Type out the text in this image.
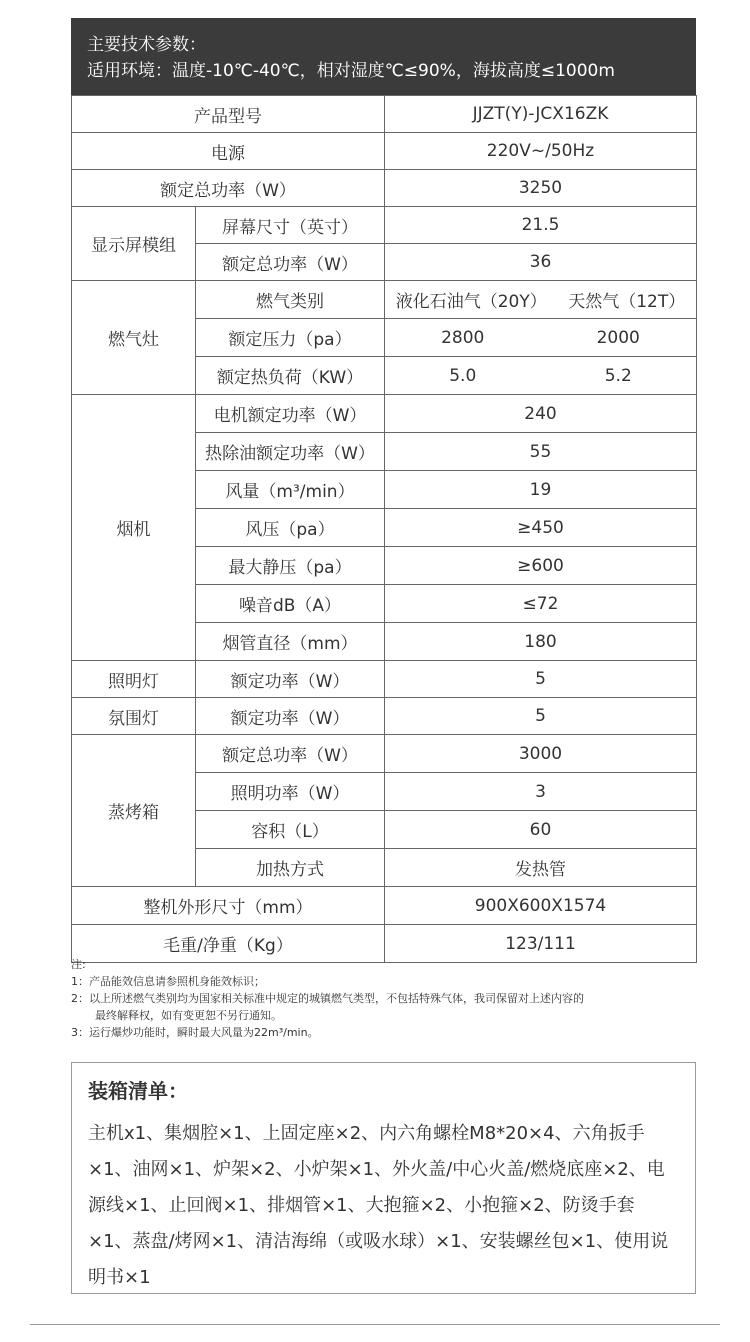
主要技术参数：
适用环境：温度-10℃-40℃，相对湿度℃≤90%，海拔高度≤1000m
产品型号		JJZT(Y)-JCX16ZK
电源		220V~/50Hz
额定总功率（W）		3250
显示屏模组	屏幕尺寸（英寸）	21.5
	额定总功率（W）	36
燃气灶	燃气类别	液化石油气（20Y） 天然气（12T）

	额定压力（pa）	2800 2000

	额定热负荷（KW）	5.0 5.2

烟机	电机额定功率（W）	240
	热除油额定功率（W）	55
	风量（m³/min）	19
	风压（pa）	≥450
	最大静压（pa）	≥600
	噪音dB（A）	≤72
	烟管直径（mm）	180
照明灯	额定功率（W）	5
氛围灯	额定功率（W）	5
蒸烤箱	额定总功率（W）	3000
	照明功率（W）	3
	容积（L）	60
	加热方式	发热管
整机外形尺寸（mm）		900X600X1574
毛重/净重（Kg）		123/111
注:
1：产品能效信息请参照机身能效标识；
2：以上所述燃气类别均为国家相关标准中规定的城镇燃气类型，不包括特殊气体，我司保留对上述内容的
最终解释权，如有变更恕不另行通知。
3：运行爆炒功能时，瞬时最大风量为22m³/min。
装箱清单：
主机x1、集烟腔×1、上固定座×2、内六角螺栓M8*20×4、六角扳手×1、油网×1、炉架×2、小炉架×1、外火盖/中心火盖/燃烧底座×2、电源线×1、止回阀×1、排烟管×1、大抱箍×2、小抱箍×2、防烫手套×1、蒸盘/烤网×1、清洁海绵（或吸水球）×1、安装螺丝包×1、使用说明书×1
